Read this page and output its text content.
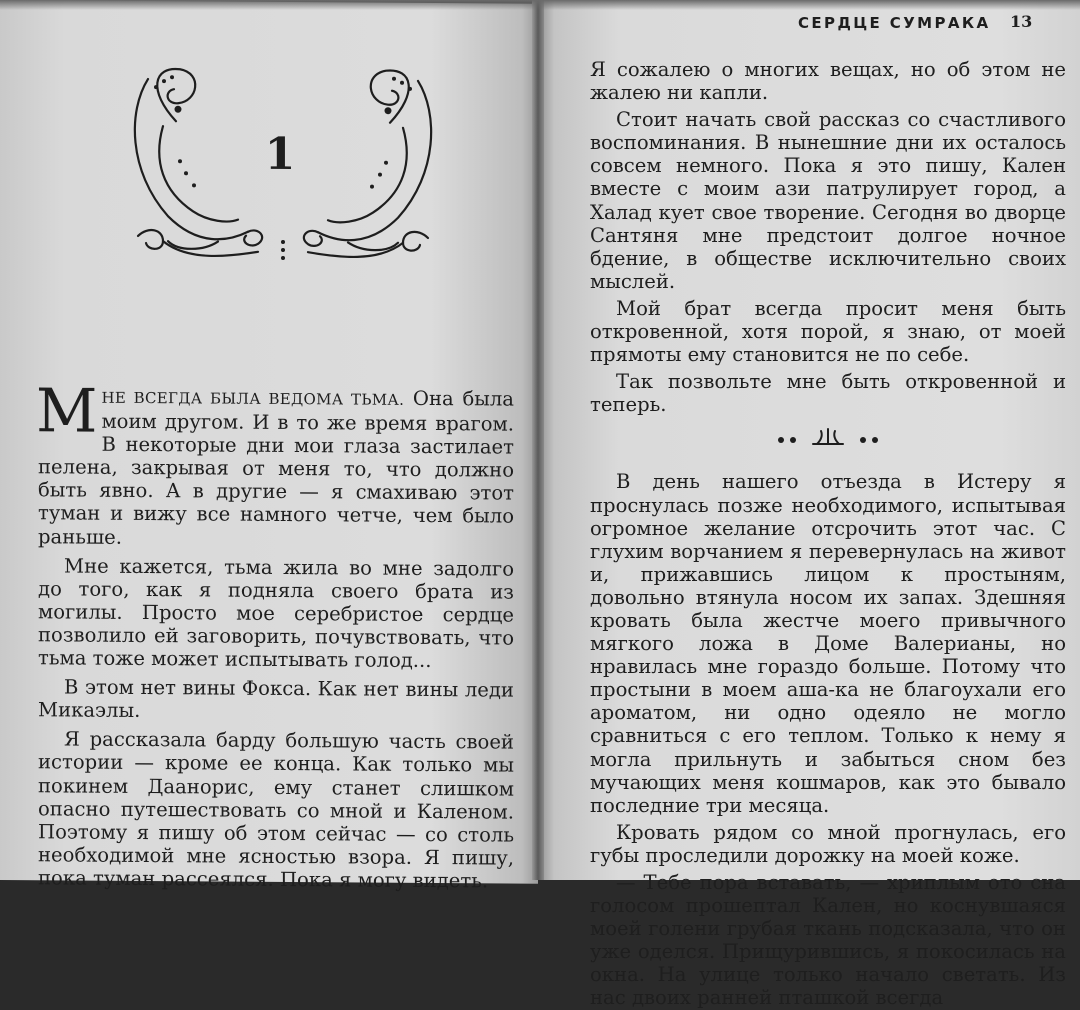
1

МНЕ ВСЕГДА БЫЛА ВЕДОМА ТЬМА. Она была моим другом. И в то же время врагом. В некоторые дни мои глаза застилает пелена, закрывая от меня то, что должно быть явно. А в другие — я смахиваю этот туман и вижу все намного четче, чем было раньше.

Мне кажется, тьма жила во мне задолго до того, как я подняла своего брата из могилы. Просто мое серебристое сердце позволило ей заговорить, почувствовать, что тьма тоже может испытывать голод...

В этом нет вины Фокса. Как нет вины леди Микаэлы.

Я рассказала барду большую часть своей истории — кроме ее конца. Как только мы покинем Даанорис, ему станет слишком опасно путешествовать со мной и Каленом. Поэтому я пишу об этом сейчас — со столь необходимой мне ясностью взора. Я пишу, пока туман рассеялся. Пока я могу видеть.

СЕРДЦЕ СУМРАКА 13

Я сожалею о многих вещах, но об этом не жалею ни капли.

Стоит начать свой рассказ со счастливого воспоминания. В нынешние дни их осталось совсем немного. Пока я это пишу, Кален вместе с моим ази патрулирует город, а Халад кует свое творение. Сегодня во дворце Сантяня мне предстоит долгое ночное бдение, в обществе исключительно своих мыслей.

Мой брат всегда просит меня быть откровенной, хотя порой, я знаю, от моей прямоты ему становится не по себе.

Так позвольте мне быть откровенной и теперь.

В день нашего отъезда в Истеру я проснулась позже необходимого, испытывая огромное желание отсрочить этот час. С глухим ворчанием я перевернулась на живот и, прижавшись лицом к простыням, довольно втянула носом их запах. Здешняя кровать была жестче моего привычного мягкого ложа в Доме Валерианы, но нравилась мне гораздо больше. Потому что простыни в моем аша-ка не благоухали его ароматом, ни одно одеяло не могло сравниться с его теплом. Только к нему я могла прильнуть и забыться сном без мучающих меня кошмаров, как это бывало последние три месяца.

Кровать рядом со мной прогнулась, его губы проследили дорожку на моей коже.

— Тебе пора вставать, — хриплым ото сна голосом прошептал Кален, но коснувшаяся моей голени грубая ткань подсказала, что он уже оделся. Прищурившись, я покосилась на окна. На улице только начало светать. Из нас двоих ранней пташкой всегда
